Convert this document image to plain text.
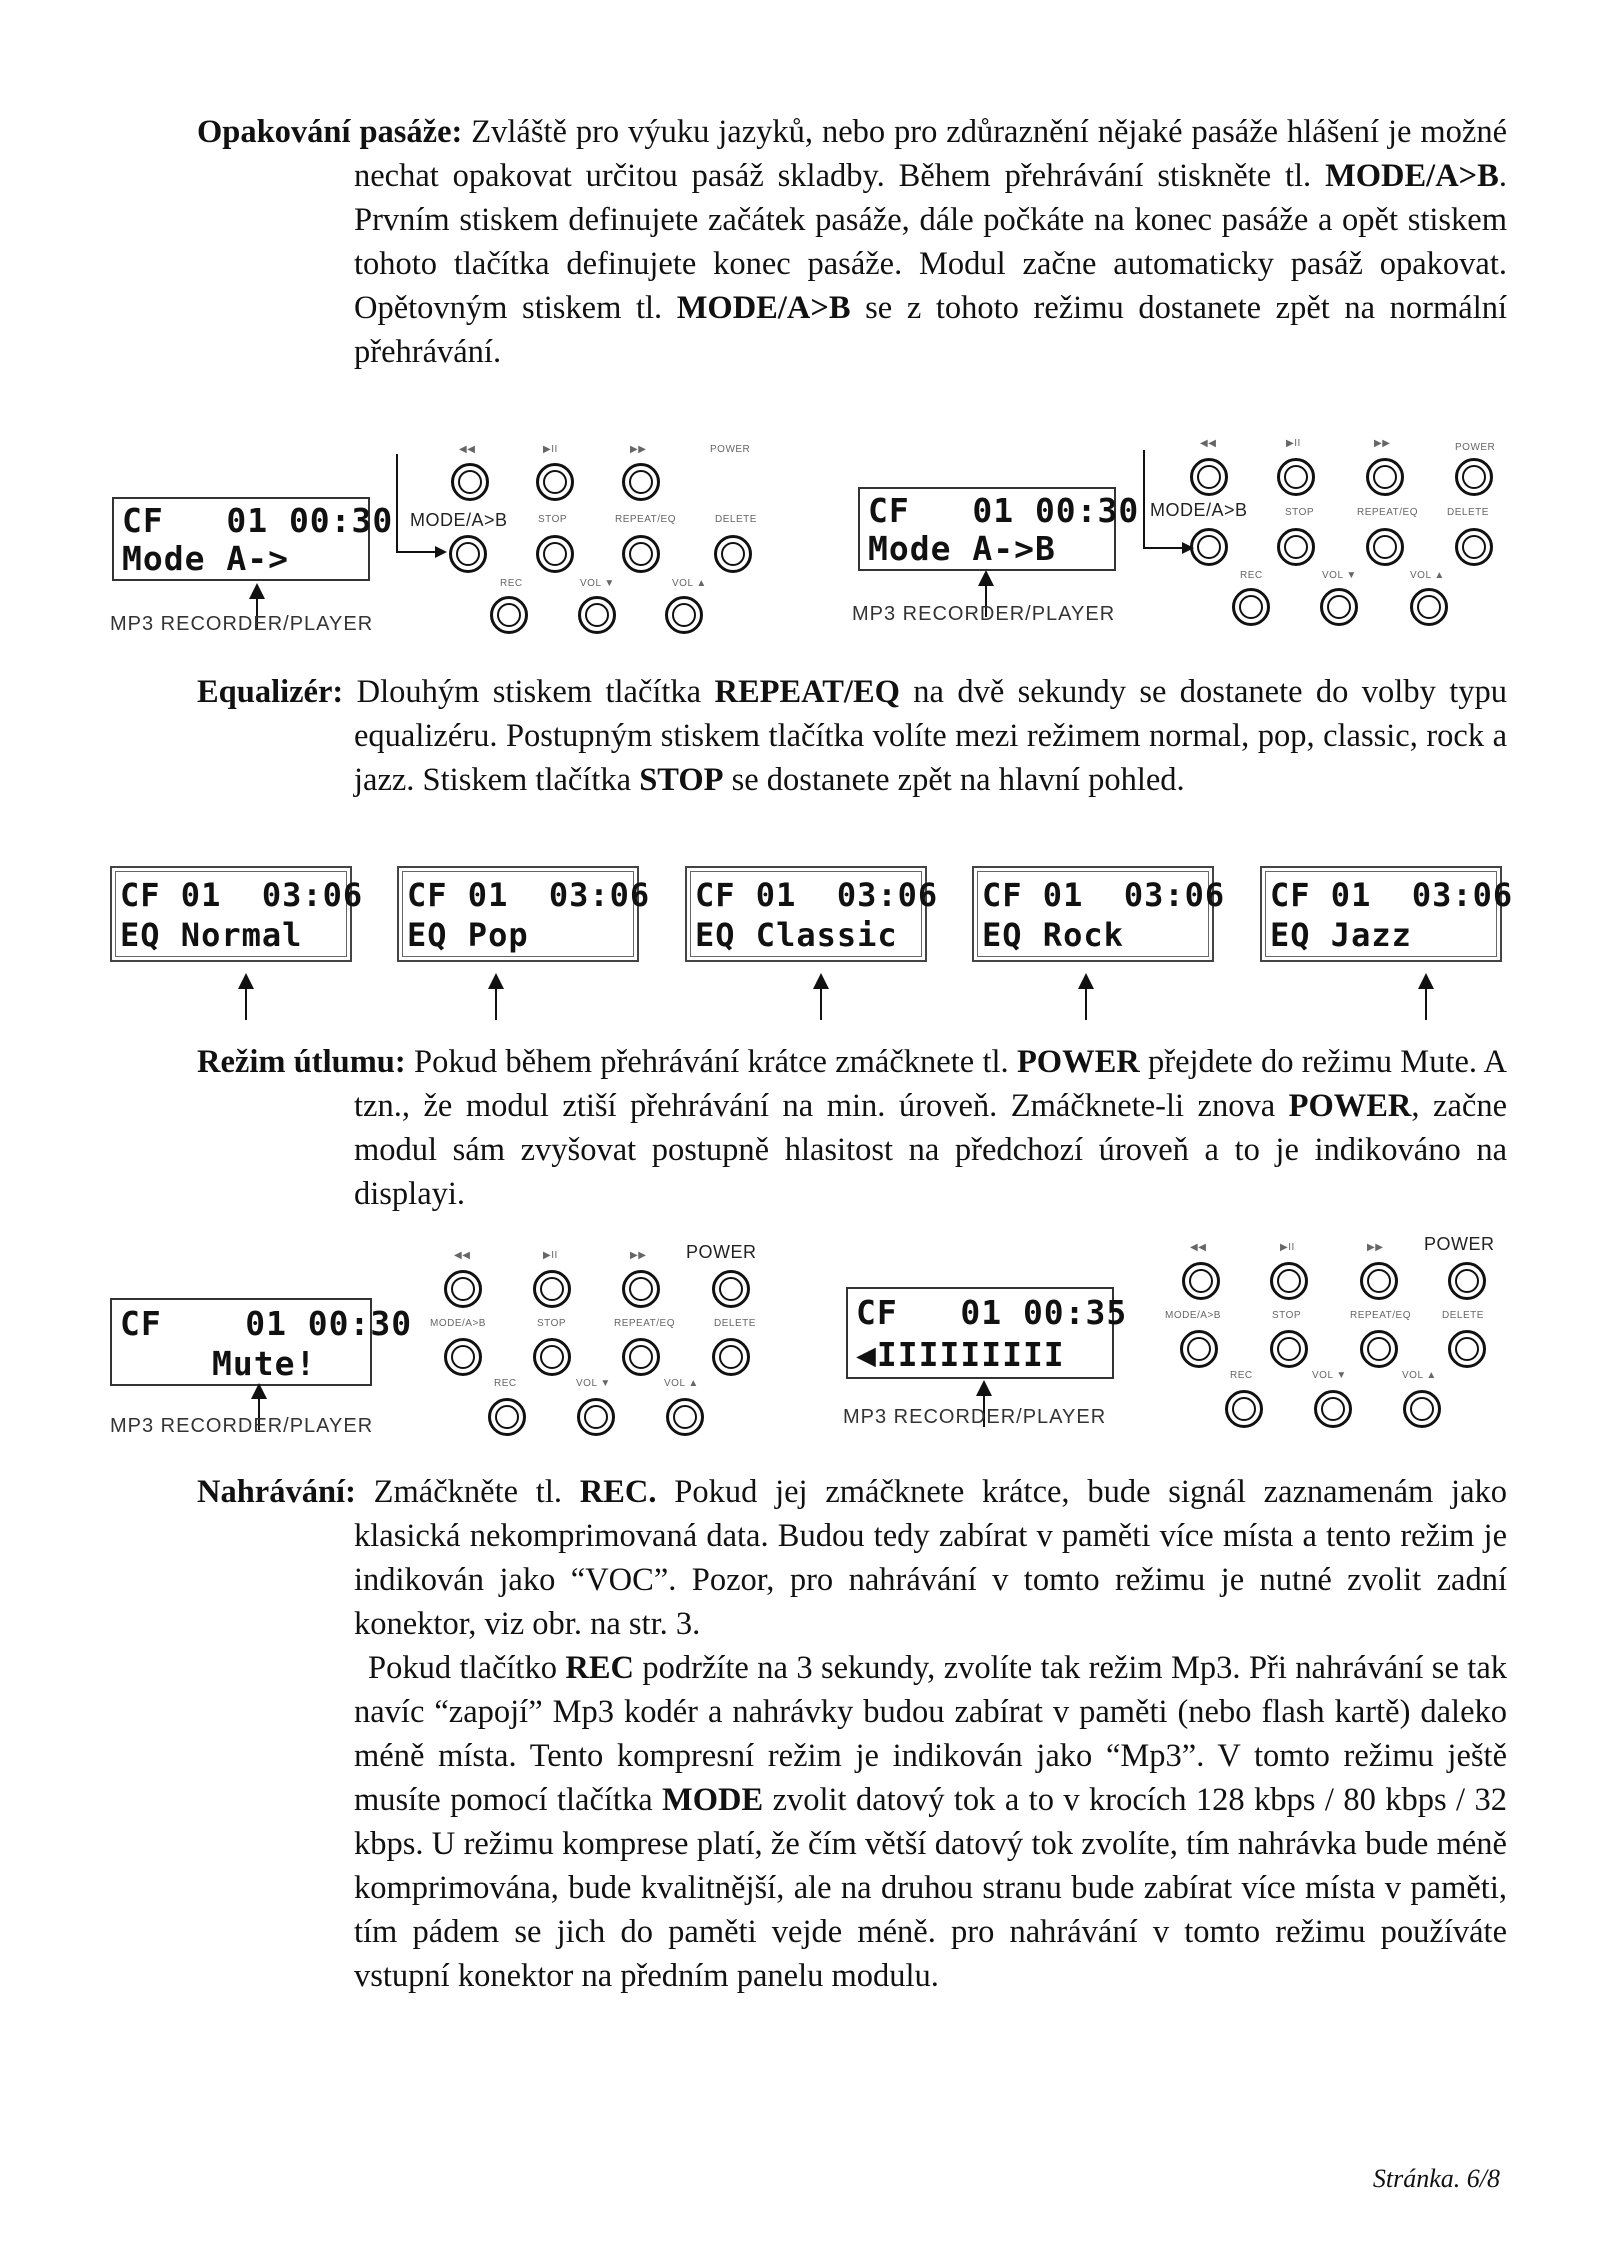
Opakování pasáže: Zvláště pro výuku jazyků, nebo pro zdůraznění nějaké pasáže hlášení je možné nechat opakovat určitou pasáž skladby. Během přehrávání stiskněte tl. MODE/A>B. Prvním stiskem definujete začátek pasáže, dále počkáte na konec pasáže a opět stiskem tohoto tlačítka definujete konec pasáže. Modul začne automaticky pasáž opakovat. Opětovným stiskem tl. MODE/A>B se z tohoto režimu dostanete zpět na normální přehrávání.
CF   01 00:30
Mode A->
MP3 RECORDER/PLAYER
◀◀	▶II	▶▶	POWER
MODE/A>B	STOP	REPEAT/EQ	DELETE
REC	VOL ▼	VOL ▲
CF   01 00:30
Mode A->B
MP3 RECORDER/PLAYER
◀◀	▶II	▶▶	POWER
MODE/A>B	STOP	REPEAT/EQ	DELETE
REC	VOL ▼	VOL ▲
Equalizér: Dlouhým stiskem tlačítka REPEAT/EQ na dvě sekundy se dostanete do volby typu equalizéru. Postupným stiskem tlačítka volíte mezi režimem normal, pop, classic, rock a jazz. Stiskem tlačítka STOP se dostanete zpět na hlavní pohled.
CF 01  03:06
EQ Normal
CF 01  03:06
EQ Pop
CF 01  03:06
EQ Classic
CF 01  03:06
EQ Rock
CF 01  03:06
EQ Jazz
Režim útlumu: Pokud během přehrávání krátce zmáčknete tl. POWER přejdete do režimu Mute. A tzn., že modul ztiší přehrávání na min. úroveň. Zmáčknete-li znova POWER, začne modul sám zvyšovat postupně hlasitost na předchozí úroveň a to je indikováno na displayi.
CF    01 00:30
Mute!
MP3 RECORDER/PLAYER
◀◀	▶II	▶▶ POWER
MODE/A>B	STOP	REPEAT/EQ	DELETE
REC	VOL ▼	VOL ▲
CF   01 00:35
◀IIIIIIIII
MP3 RECORDER/PLAYER
◀◀	▶II	▶▶ POWER
MODE/A>B	STOP	REPEAT/EQ	DELETE
REC	VOL ▼	VOL ▲
Nahrávání: Zmáčkněte tl. REC. Pokud jej zmáčknete krátce, bude signál zaznamenám jako klasická nekomprimovaná data. Budou tedy zabírat v paměti více místa a tento režim je indikován jako “VOC”. Pozor, pro nahrávání v tomto režimu je nutné zvolit zadní konektor, viz obr. na str. 3.
Pokud tlačítko REC podržíte na 3 sekundy, zvolíte tak režim Mp3. Při nahrávání se tak navíc “zapojí” Mp3 kodér a nahrávky budou zabírat v paměti (nebo flash kartě) daleko méně místa. Tento kompresní režim je indikován jako “Mp3”. V tomto režimu ještě musíte pomocí tlačítka MODE zvolit datový tok a to v krocích 128 kbps / 80 kbps / 32 kbps. U režimu komprese platí, že čím větší datový tok zvolíte, tím nahrávka bude méně komprimována, bude kvalitnější, ale na druhou stranu bude zabírat více místa v paměti, tím pádem se jich do paměti vejde méně. pro nahrávání v tomto režimu používáte vstupní konektor na předním panelu modulu.
Stránka. 6/8
